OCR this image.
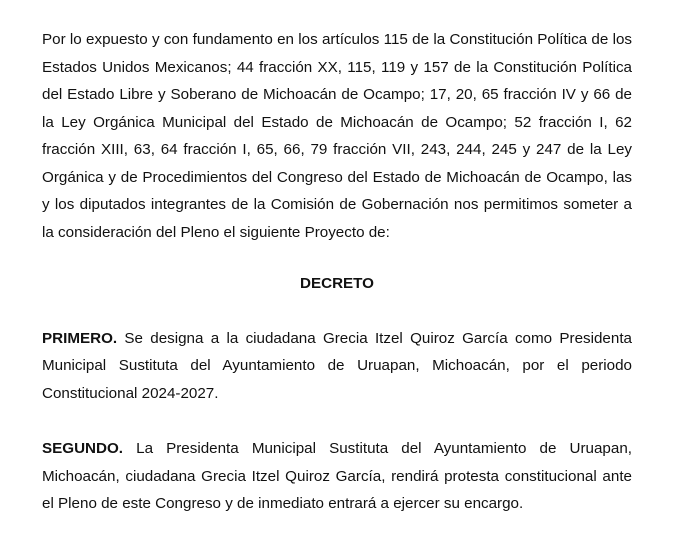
Por lo expuesto y con fundamento en los artículos 115 de la Constitución Política de los Estados Unidos Mexicanos; 44 fracción XX, 115, 119 y 157 de la Constitución Política del Estado Libre y Soberano de Michoacán de Ocampo; 17, 20, 65 fracción IV y 66 de la Ley Orgánica Municipal del Estado de Michoacán de Ocampo; 52 fracción I, 62 fracción XIII, 63, 64 fracción I, 65, 66, 79 fracción VII, 243, 244, 245 y 247 de la Ley Orgánica y de Procedimientos del Congreso del Estado de Michoacán de Ocampo, las y los diputados integrantes de la Comisión de Gobernación nos permitimos someter a la consideración del Pleno el siguiente Proyecto de:

DECRETO

PRIMERO. Se designa a la ciudadana Grecia Itzel Quiroz García como Presidenta Municipal Sustituta del Ayuntamiento de Uruapan, Michoacán, por el periodo Constitucional 2024-2027.

SEGUNDO. La Presidenta Municipal Sustituta del Ayuntamiento de Uruapan, Michoacán, ciudadana Grecia Itzel Quiroz García, rendirá protesta constitucional ante el Pleno de este Congreso y de inmediato entrará a ejercer su encargo.
